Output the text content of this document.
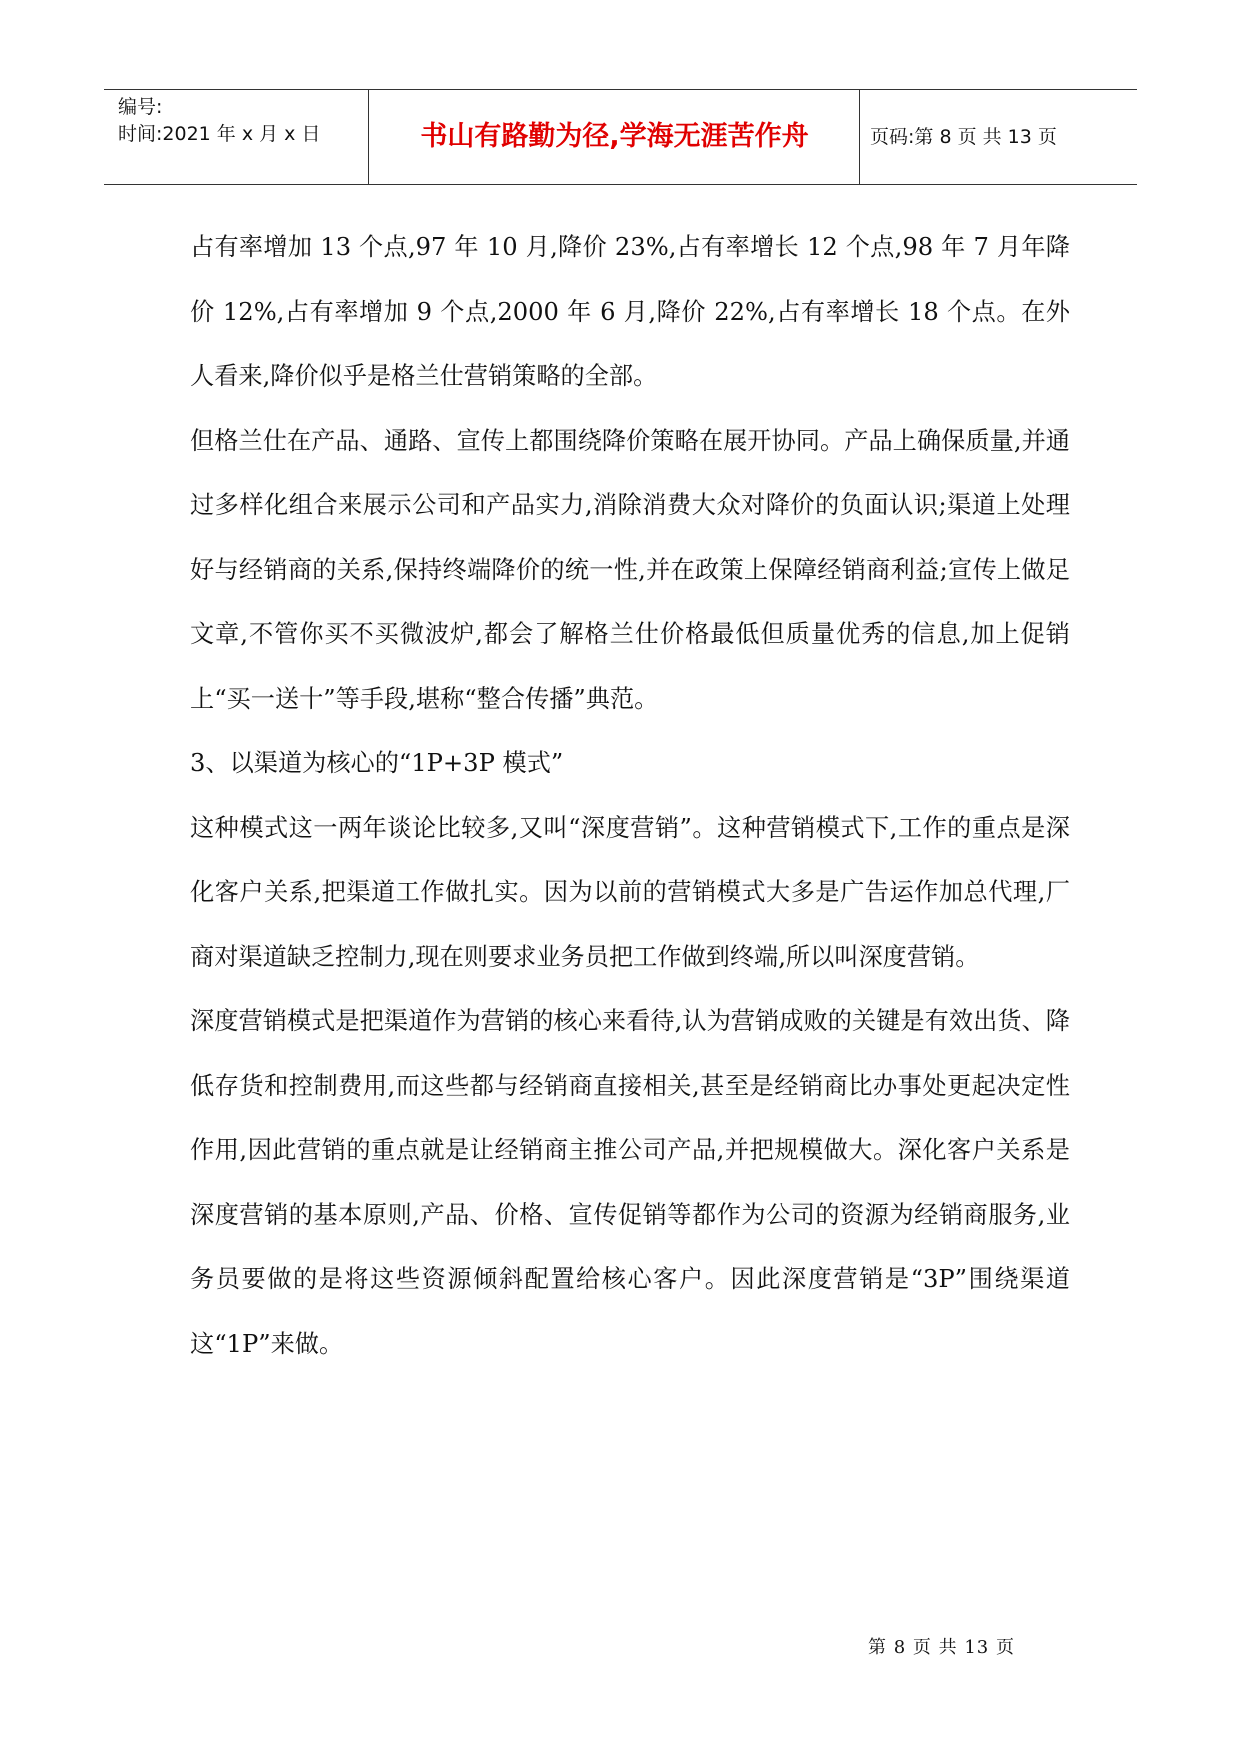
编号:
时间:2021 年 x 月 x 日	书山有路勤为径,学海无涯苦作舟	页码:第 8 页 共 13 页

占有率增加 13 个点,97 年 10 月,降价 23%,占有率增长 12 个点,98 年 7 月年降价 12%,占有率增加 9 个点,2000 年 6 月,降价 22%,占有率增长 18 个点。在外人看来,降价似乎是格兰仕营销策略的全部。

但格兰仕在产品、通路、宣传上都围绕降价策略在展开协同。产品上确保质量,并通过多样化组合来展示公司和产品实力,消除消费大众对降价的负面认识;渠道上处理好与经销商的关系,保持终端降价的统一性,并在政策上保障经销商利益;宣传上做足文章,不管你买不买微波炉,都会了解格兰仕价格最低但质量优秀的信息,加上促销上“买一送十”等手段,堪称“整合传播”典范。

3、以渠道为核心的“1P+3P 模式”

这种模式这一两年谈论比较多,又叫“深度营销”。这种营销模式下,工作的重点是深化客户关系,把渠道工作做扎实。因为以前的营销模式大多是广告运作加总代理,厂商对渠道缺乏控制力,现在则要求业务员把工作做到终端,所以叫深度营销。

深度营销模式是把渠道作为营销的核心来看待,认为营销成败的关键是有效出货、降低存货和控制费用,而这些都与经销商直接相关,甚至是经销商比办事处更起决定性作用,因此营销的重点就是让经销商主推公司产品,并把规模做大。深化客户关系是深度营销的基本原则,产品、价格、宣传促销等都作为公司的资源为经销商服务,业务员要做的是将这些资源倾斜配置给核心客户。因此深度营销是“3P”围绕渠道这“1P”来做。

第 8 页 共 13 页
